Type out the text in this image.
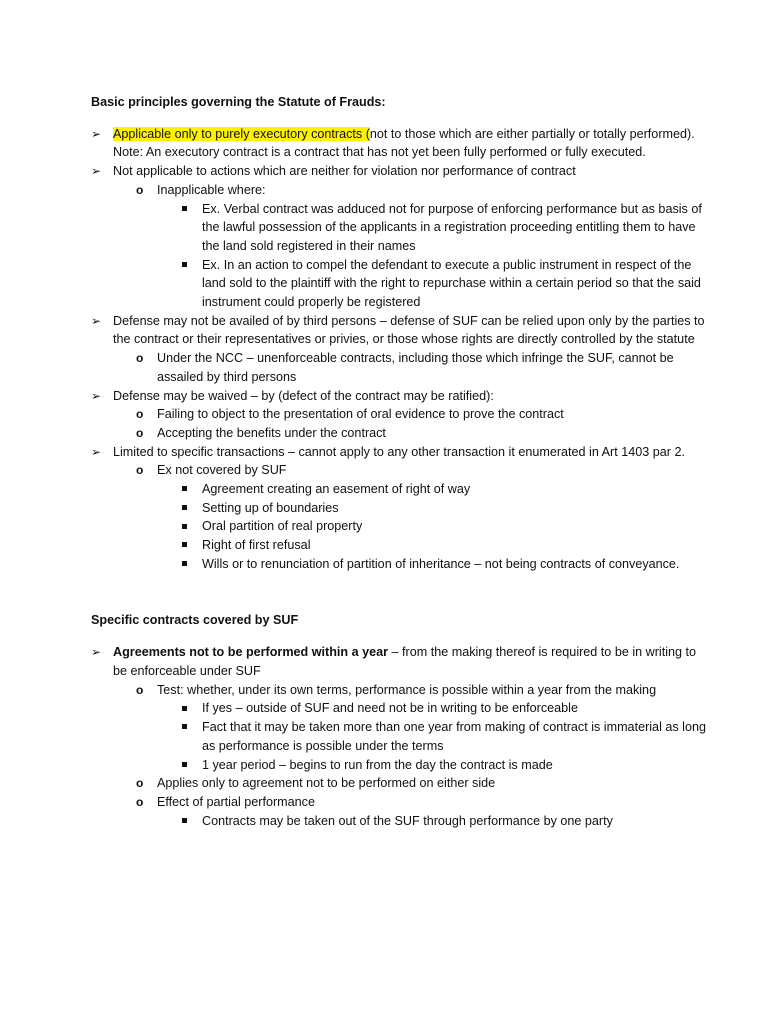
Basic principles governing the Statute of Frauds:

➢ Applicable only to purely executory contracts (not to those which are either partially or totally performed). Note: An executory contract is a contract that has not yet been fully performed or fully executed.
➢ Not applicable to actions which are neither for violation nor performance of contract
o Inapplicable where:
Ex. Verbal contract was adduced not for purpose of enforcing performance but as basis of the lawful possession of the applicants in a registration proceeding entitling them to have the land sold registered in their names
Ex. In an action to compel the defendant to execute a public instrument in respect of the land sold to the plaintiff with the right to repurchase within a certain period so that the said instrument could properly be registered
➢ Defense may not be availed of by third persons – defense of SUF can be relied upon only by the parties to the contract or their representatives or privies, or those whose rights are directly controlled by the statute
o Under the NCC – unenforceable contracts, including those which infringe the SUF, cannot be assailed by third persons
➢ Defense may be waived – by (defect of the contract may be ratified):
o Failing to object to the presentation of oral evidence to prove the contract
o Accepting the benefits under the contract
➢ Limited to specific transactions – cannot apply to any other transaction it enumerated in Art 1403 par 2.
o Ex not covered by SUF
Agreement creating an easement of right of way
Setting up of boundaries
Oral partition of real property
Right of first refusal
Wills or to renunciation of partition of inheritance – not being contracts of conveyance.

Specific contracts covered by SUF

➢ Agreements not to be performed within a year – from the making thereof is required to be in writing to be enforceable under SUF
o Test: whether, under its own terms, performance is possible within a year from the making
If yes – outside of SUF and need not be in writing to be enforceable
Fact that it may be taken more than one year from making of contract is immaterial as long as performance is possible under the terms
1 year period – begins to run from the day the contract is made
o Applies only to agreement not to be performed on either side
o Effect of partial performance
Contracts may be taken out of the SUF through performance by one party
